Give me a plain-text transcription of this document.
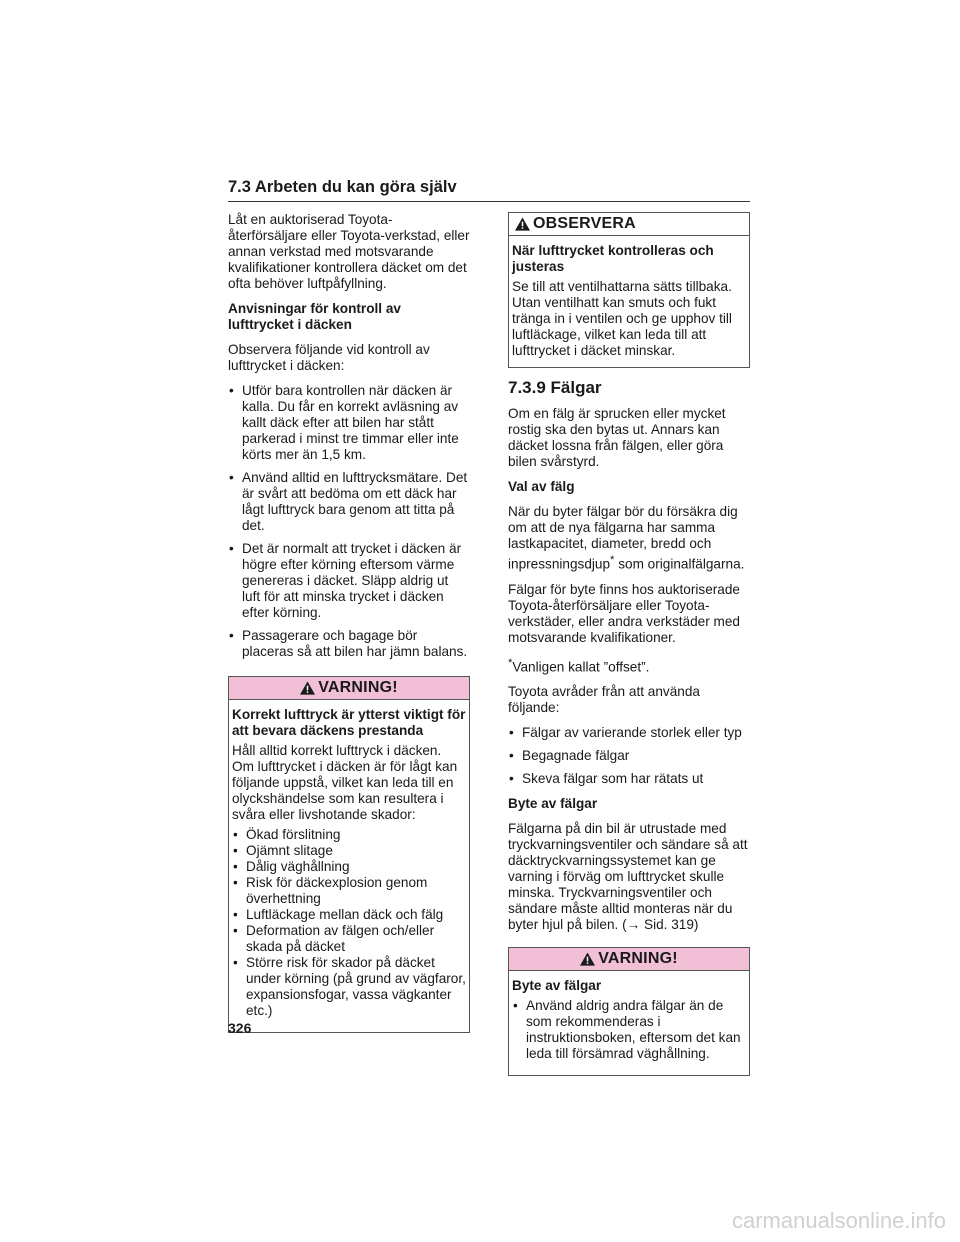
7.3 Arbeten du kan göra själv

Låt en auktoriserad Toyota-återförsäljare eller Toyota-verkstad, eller annan verkstad med motsvarande kvalifikationer kontrollera däcket om det ofta behöver luftpåfyllning.

Anvisningar för kontroll av lufttrycket i däcken

Observera följande vid kontroll av lufttrycket i däcken:

• Utför bara kontrollen när däcken är kalla. Du får en korrekt avläsning av kallt däck efter att bilen har stått parkerad i minst tre timmar eller inte körts mer än 1,5 km.
• Använd alltid en lufttrycksmätare. Det är svårt att bedöma om ett däck har lågt lufttryck bara genom att titta på det.
• Det är normalt att trycket i däcken är högre efter körning eftersom värme genereras i däcket. Släpp aldrig ut luft för att minska trycket i däcken efter körning.
• Passagerare och bagage bör placeras så att bilen har jämn balans.
VARNING!

Korrekt lufttryck är ytterst viktigt för att bevara däckens prestanda

Håll alltid korrekt lufttryck i däcken. Om lufttrycket i däcken är för lågt kan följande uppstå, vilket kan leda till en olyckshändelse som kan resultera i svåra eller livshotande skador:

• Ökad förslitning
• Ojämnt slitage
• Dålig väghållning
• Risk för däckexplosion genom överhettning
• Luftläckage mellan däck och fälg
• Deformation av fälgen och/eller skada på däcket
• Större risk för skador på däcket under körning (på grund av vägfaror, expansionsfogar, vassa vägkanter etc.)
OBSERVERA

När lufttrycket kontrolleras och justeras

Se till att ventilhattarna sätts tillbaka. Utan ventilhatt kan smuts och fukt tränga in i ventilen och ge upphov till luftläckage, vilket kan leda till att lufttrycket i däcket minskar.

7.3.9 Fälgar

Om en fälg är sprucken eller mycket rostig ska den bytas ut. Annars kan däcket lossna från fälgen, eller göra bilen svårstyrd.

Val av fälg

När du byter fälgar bör du försäkra dig om att de nya fälgarna har samma lastkapacitet, diameter, bredd och inpressningsdjup* som originalfälgarna.

Fälgar för byte finns hos auktoriserade Toyota-återförsäljare eller Toyota-verkstäder, eller andra verkstäder med motsvarande kvalifikationer.

*Vanligen kallat ”offset”.

Toyota avråder från att använda följande:

• Fälgar av varierande storlek eller typ
• Begagnade fälgar
• Skeva fälgar som har rätats ut

Byte av fälgar

Fälgarna på din bil är utrustade med tryckvarningsventiler och sändare så att däcktryckvarningssystemet kan ge varning i förväg om lufttrycket skulle minska. Tryckvarningsventiler och sändare måste alltid monteras när du byter hjul på bilen. (→ Sid. 319)

VARNING!

Byte av fälgar

• Använd aldrig andra fälgar än de som rekommenderas i instruktionsboken, eftersom det kan leda till försämrad väghållning.
326
carmanualsonline.info
